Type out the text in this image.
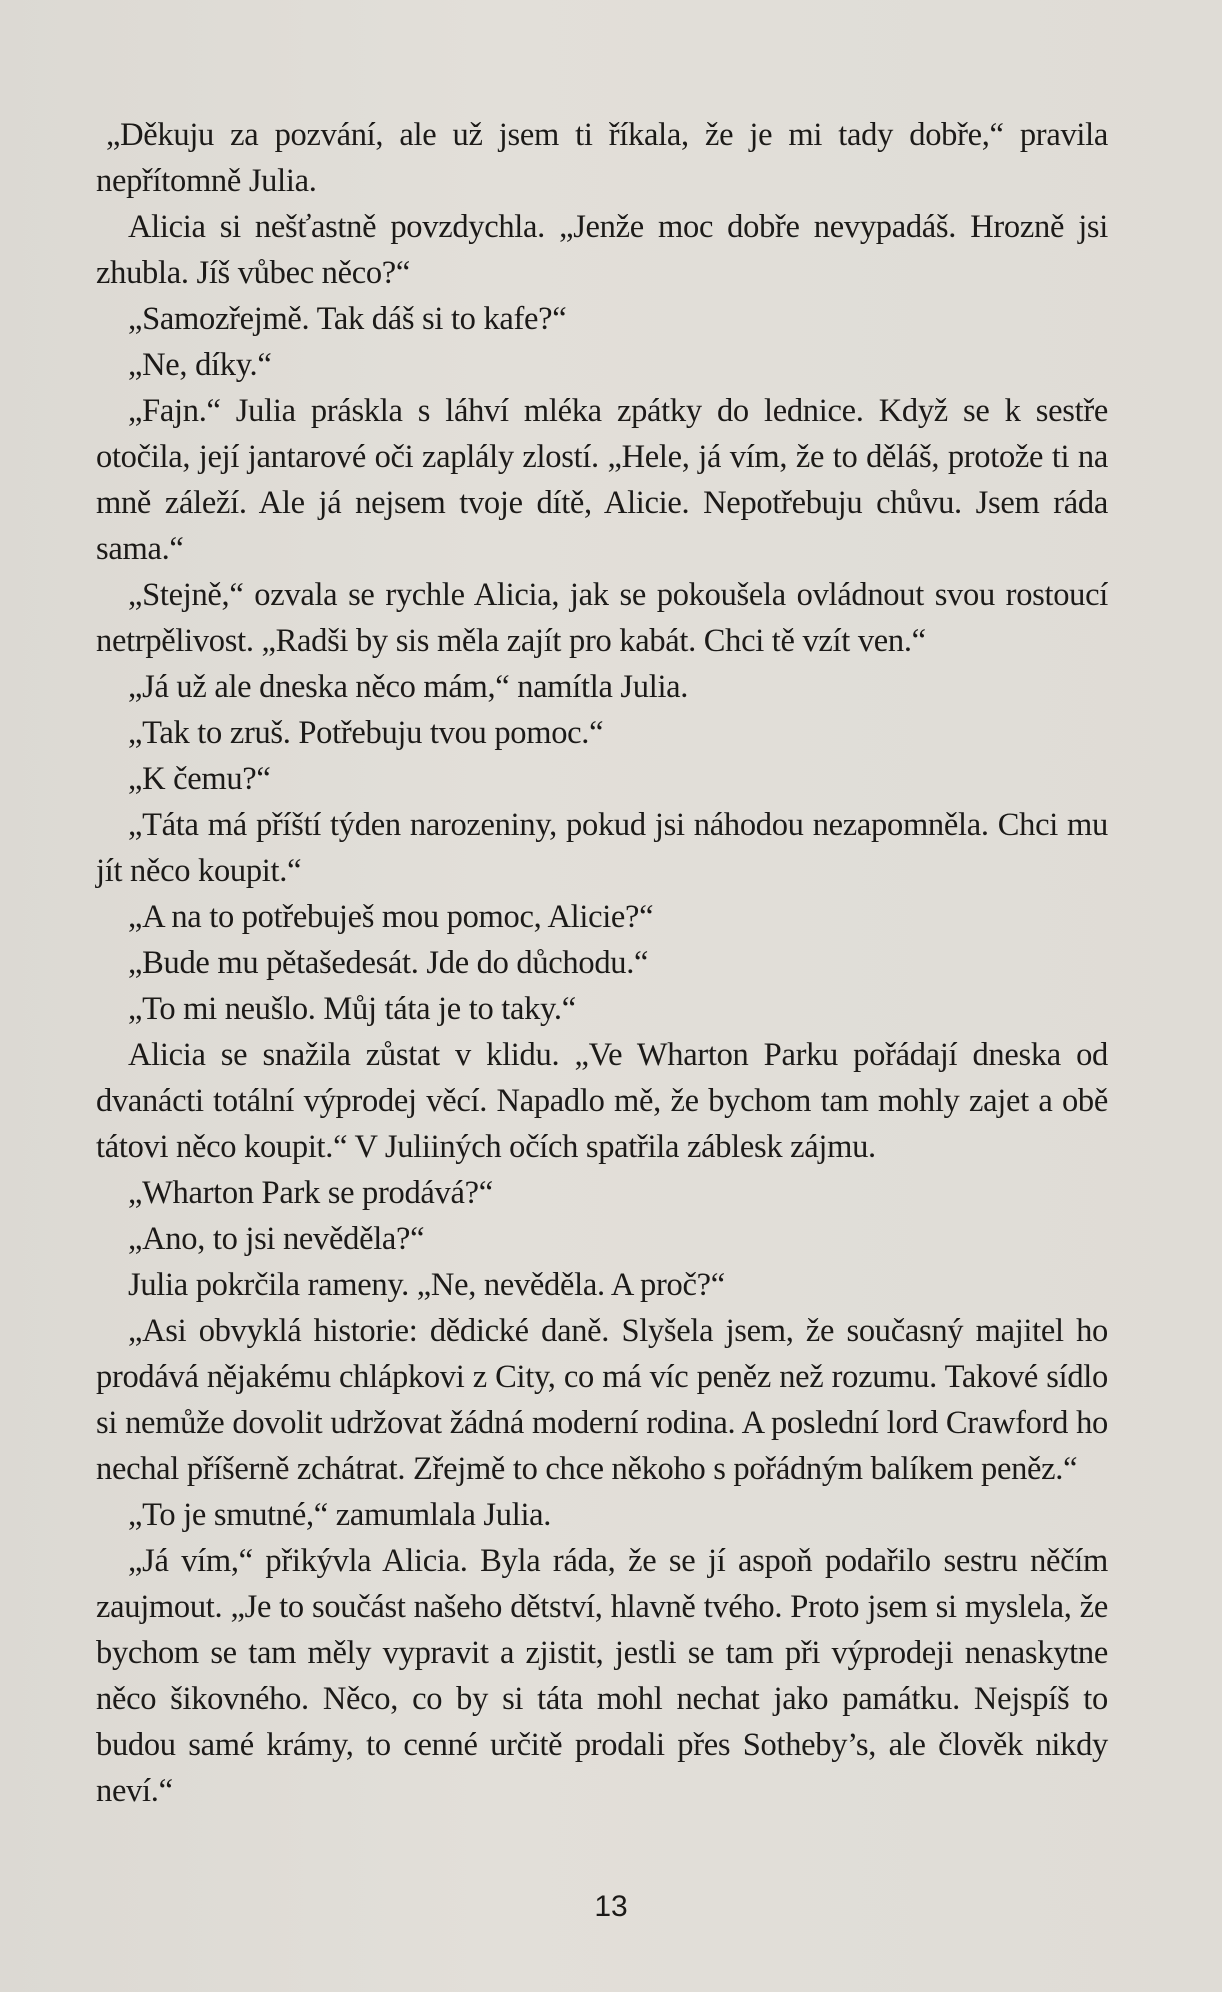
„Děkuju za pozvání, ale už jsem ti říkala, že je mi tady dobře,“ pravila nepřítomně Julia.

Alicia si nešťastně povzdychla. „Jenže moc dobře nevypadáš. Hrozně jsi zhubla. Jíš vůbec něco?“

„Samozřejmě. Tak dáš si to kafe?“

„Ne, díky.“

„Fajn.“ Julia práskla s láhví mléka zpátky do lednice. Když se k sestře otočila, její jantarové oči zaplály zlostí. „Hele, já vím, že to děláš, protože ti na mně záleží. Ale já nejsem tvoje dítě, Alicie. Nepotřebuju chůvu. Jsem ráda sama.“

„Stejně,“ ozvala se rychle Alicia, jak se pokoušela ovládnout svou rostoucí netrpělivost. „Radši by sis měla zajít pro kabát. Chci tě vzít ven.“

„Já už ale dneska něco mám,“ namítla Julia.

„Tak to zruš. Potřebuju tvou pomoc.“

„K čemu?“

„Táta má příští týden narozeniny, pokud jsi náhodou nezapomněla. Chci mu jít něco koupit.“

„A na to potřebuješ mou pomoc, Alicie?“

„Bude mu pětašedesát. Jde do důchodu.“

„To mi neušlo. Můj táta je to taky.“

Alicia se snažila zůstat v klidu. „Ve Wharton Parku pořádají dneska od dvanácti totální výprodej věcí. Napadlo mě, že bychom tam mohly zajet a obě tátovi něco koupit.“ V Juliiných očích spatřila záblesk zájmu.

„Wharton Park se prodává?“

„Ano, to jsi nevěděla?“

Julia pokrčila rameny. „Ne, nevěděla. A proč?“

„Asi obvyklá historie: dědické daně. Slyšela jsem, že současný majitel ho prodává nějakému chlápkovi z City, co má víc peněz než rozumu. Takové sídlo si nemůže dovolit udržovat žádná moderní rodina. A poslední lord Crawford ho nechal příšerně zchátrat. Zřejmě to chce někoho s pořádným balíkem peněz.“

„To je smutné,“ zamumlala Julia.

„Já vím,“ přikývla Alicia. Byla ráda, že se jí aspoň podařilo sestru něčím zaujmout. „Je to součást našeho dětství, hlavně tvého. Proto jsem si myslela, že bychom se tam měly vypravit a zjistit, jestli se tam při výprodeji nenaskytne něco šikovného. Něco, co by si táta mohl nechat jako památku. Nejspíš to budou samé krámy, to cenné určitě prodali přes Sotheby’s, ale člověk nikdy neví.“

13
